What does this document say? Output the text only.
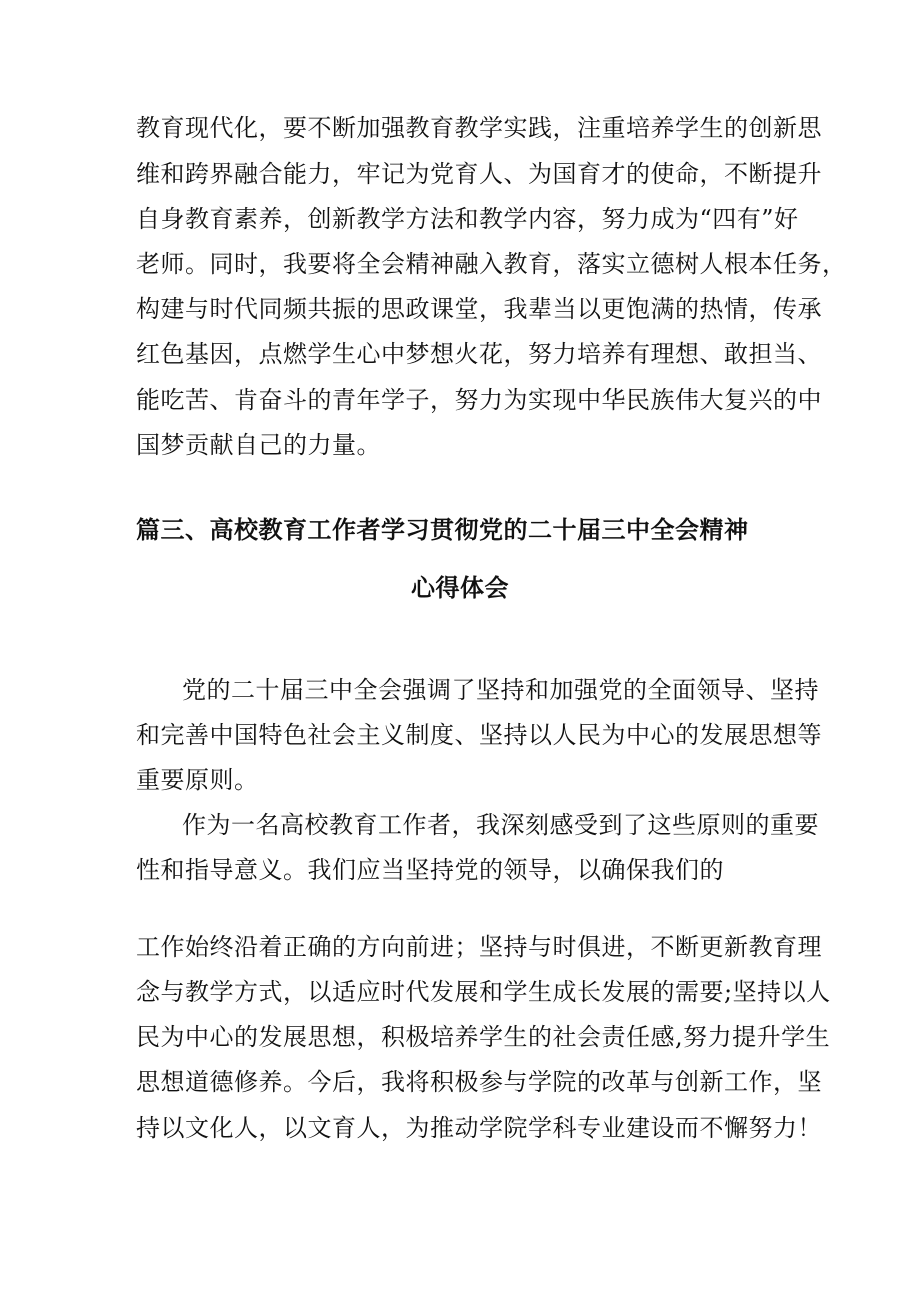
教育现代化，要不断加强教育教学实践，注重培养学生的创新思
维和跨界融合能力，牢记为党育人、为国育才的使命，不断提升
自身教育素养，创新教学方法和教学内容，努力成为“四有”好
老师。同时，我要将全会精神融入教育，落实立德树人根本任务，
构建与时代同频共振的思政课堂，我辈当以更饱满的热情，传承
红色基因，点燃学生心中梦想火花，努力培养有理想、敢担当、
能吃苦、肯奋斗的青年学子，努力为实现中华民族伟大复兴的中
国梦贡献自己的力量。
篇三、高校教育工作者学习贯彻党的二十届三中全会精神
心得体会
党的二十届三中全会强调了坚持和加强党的全面领导、坚持
和完善中国特色社会主义制度、坚持以人民为中心的发展思想等
重要原则。
作为一名高校教育工作者，我深刻感受到了这些原则的重要
性和指导意义。我们应当坚持党的领导，以确保我们的
工作始终沿着正确的方向前进；坚持与时俱进，不断更新教育理
念与教学方式，以适应时代发展和学生成长发展的需要;坚持以人
民为中心的发展思想，积极培养学生的社会责任感,努力提升学生
思想道德修养。今后，我将积极参与学院的改革与创新工作，坚
持以文化人，以文育人，为推动学院学科专业建设而不懈努力！
